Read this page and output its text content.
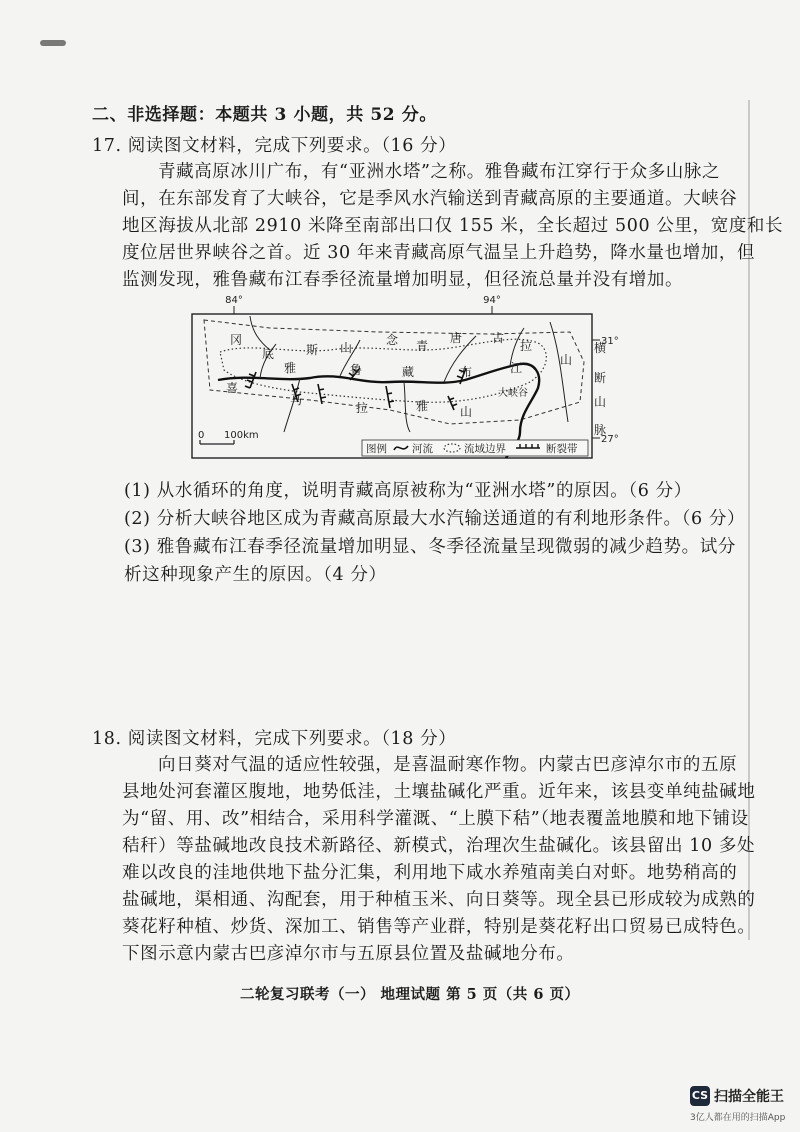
二、非选择题：本题共 3 小题，共 52 分。
17. 阅读图文材料，完成下列要求。（16 分）
青藏高原冰川广布，有“亚洲水塔”之称。雅鲁藏布江穿行于众多山脉之
间，在东部发育了大峡谷，它是季风水汽输送到青藏高原的主要通道。大峡谷
地区海拔从北部 2910 米降至南部出口仅 155 米，全长超过 500 公里，宽度和长
度位居世界峡谷之首。近 30 年来青藏高原气温呈上升趋势，降水量也增加，但
监测发现，雅鲁藏布江春季径流量增加明显，但径流总量并没有增加。
84°	94°
31°
27°
冈
底	斯 山
念 青
唐 古
拉
山
雅	鲁	藏	布	江
喜
马
拉	雅	山
大峡谷
横
断
山
脉
0 100km
图例 河流	流域边界	断裂带
(1) 从水循环的角度，说明青藏高原被称为“亚洲水塔”的原因。（6 分）
(2) 分析大峡谷地区成为青藏高原最大水汽输送通道的有利地形条件。（6 分）
(3) 雅鲁藏布江春季径流量增加明显、冬季径流量呈现微弱的减少趋势。试分
析这种现象产生的原因。（4 分）
18. 阅读图文材料，完成下列要求。（18 分）
向日葵对气温的适应性较强，是喜温耐寒作物。内蒙古巴彦淖尔市的五原
县地处河套灌区腹地，地势低洼，土壤盐碱化严重。近年来，该县变单纯盐碱地
为“留、用、改”相结合，采用科学灌溉、“上膜下秸”（地表覆盖地膜和地下铺设
秸秆）等盐碱地改良技术新路径、新模式，治理次生盐碱化。该县留出 10 多处
难以改良的洼地供地下盐分汇集，利用地下咸水养殖南美白对虾。地势稍高的
盐碱地，渠相通、沟配套，用于种植玉米、向日葵等。现全县已形成较为成熟的
葵花籽种植、炒货、深加工、销售等产业群，特别是葵花籽出口贸易已成特色。
下图示意内蒙古巴彦淖尔市与五原县位置及盐碱地分布。
二轮复习联考（一） 地理试题 第 5 页（共 6 页）
CS 扫描全能王
3亿人都在用的扫描App
